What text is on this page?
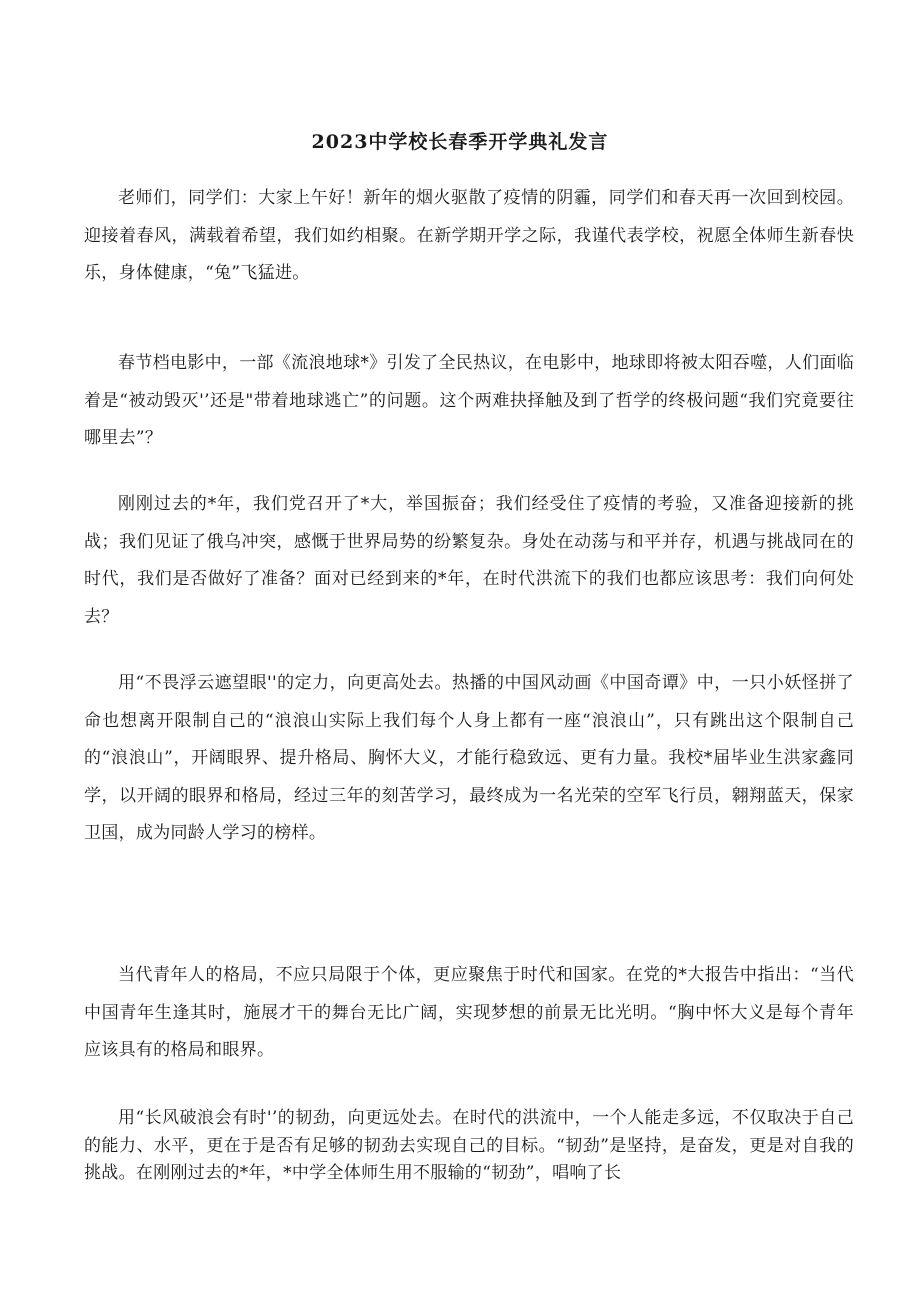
2023中学校长春季开学典礼发言

老师们，同学们：大家上午好！新年的烟火驱散了疫情的阴霾，同学们和春天再一次回到校园。迎接着春风，满载着希望，我们如约相聚。在新学期开学之际，我谨代表学校，祝愿全体师生新春快乐，身体健康，“兔”飞猛进。

春节档电影中，一部《流浪地球*》引发了全民热议，在电影中，地球即将被太阳吞噬，人们面临着是“被动毁灭'’还是"带着地球逃亡”的问题。这个两难抉择触及到了哲学的终极问题“我们究竟要往哪里去”？

刚刚过去的*年，我们党召开了*大，举国振奋；我们经受住了疫情的考验，又准备迎接新的挑战；我们见证了俄乌冲突，感慨于世界局势的纷繁复杂。身处在动荡与和平并存，机遇与挑战同在的时代，我们是否做好了准备？面对已经到来的*年，在时代洪流下的我们也都应该思考：我们向何处去？

用“不畏浮云遮望眼''的定力，向更高处去。热播的中国风动画《中国奇谭》中，一只小妖怪拼了命也想离开限制自己的“浪浪山实际上我们每个人身上都有一座“浪浪山”，只有跳出这个限制自己的“浪浪山”，开阔眼界、提升格局、胸怀大义，才能行稳致远、更有力量。我校*届毕业生洪家鑫同学，以开阔的眼界和格局，经过三年的刻苦学习，最终成为一名光荣的空军飞行员，翱翔蓝天，保家卫国，成为同龄人学习的榜样。

当代青年人的格局，不应只局限于个体，更应聚焦于时代和国家。在党的*大报告中指出：“当代中国青年生逢其时，施展才干的舞台无比广阔，实现梦想的前景无比光明。“胸中怀大义是每个青年应该具有的格局和眼界。

用“长风破浪会有时'’的韧劲，向更远处去。在时代的洪流中，一个人能走多远，不仅取决于自己的能力、水平，更在于是否有足够的韧劲去实现自己的目标。“韧劲”是坚持，是奋发，更是对自我的挑战。在刚刚过去的*年，*中学全体师生用不服输的“韧劲”，唱响了长
